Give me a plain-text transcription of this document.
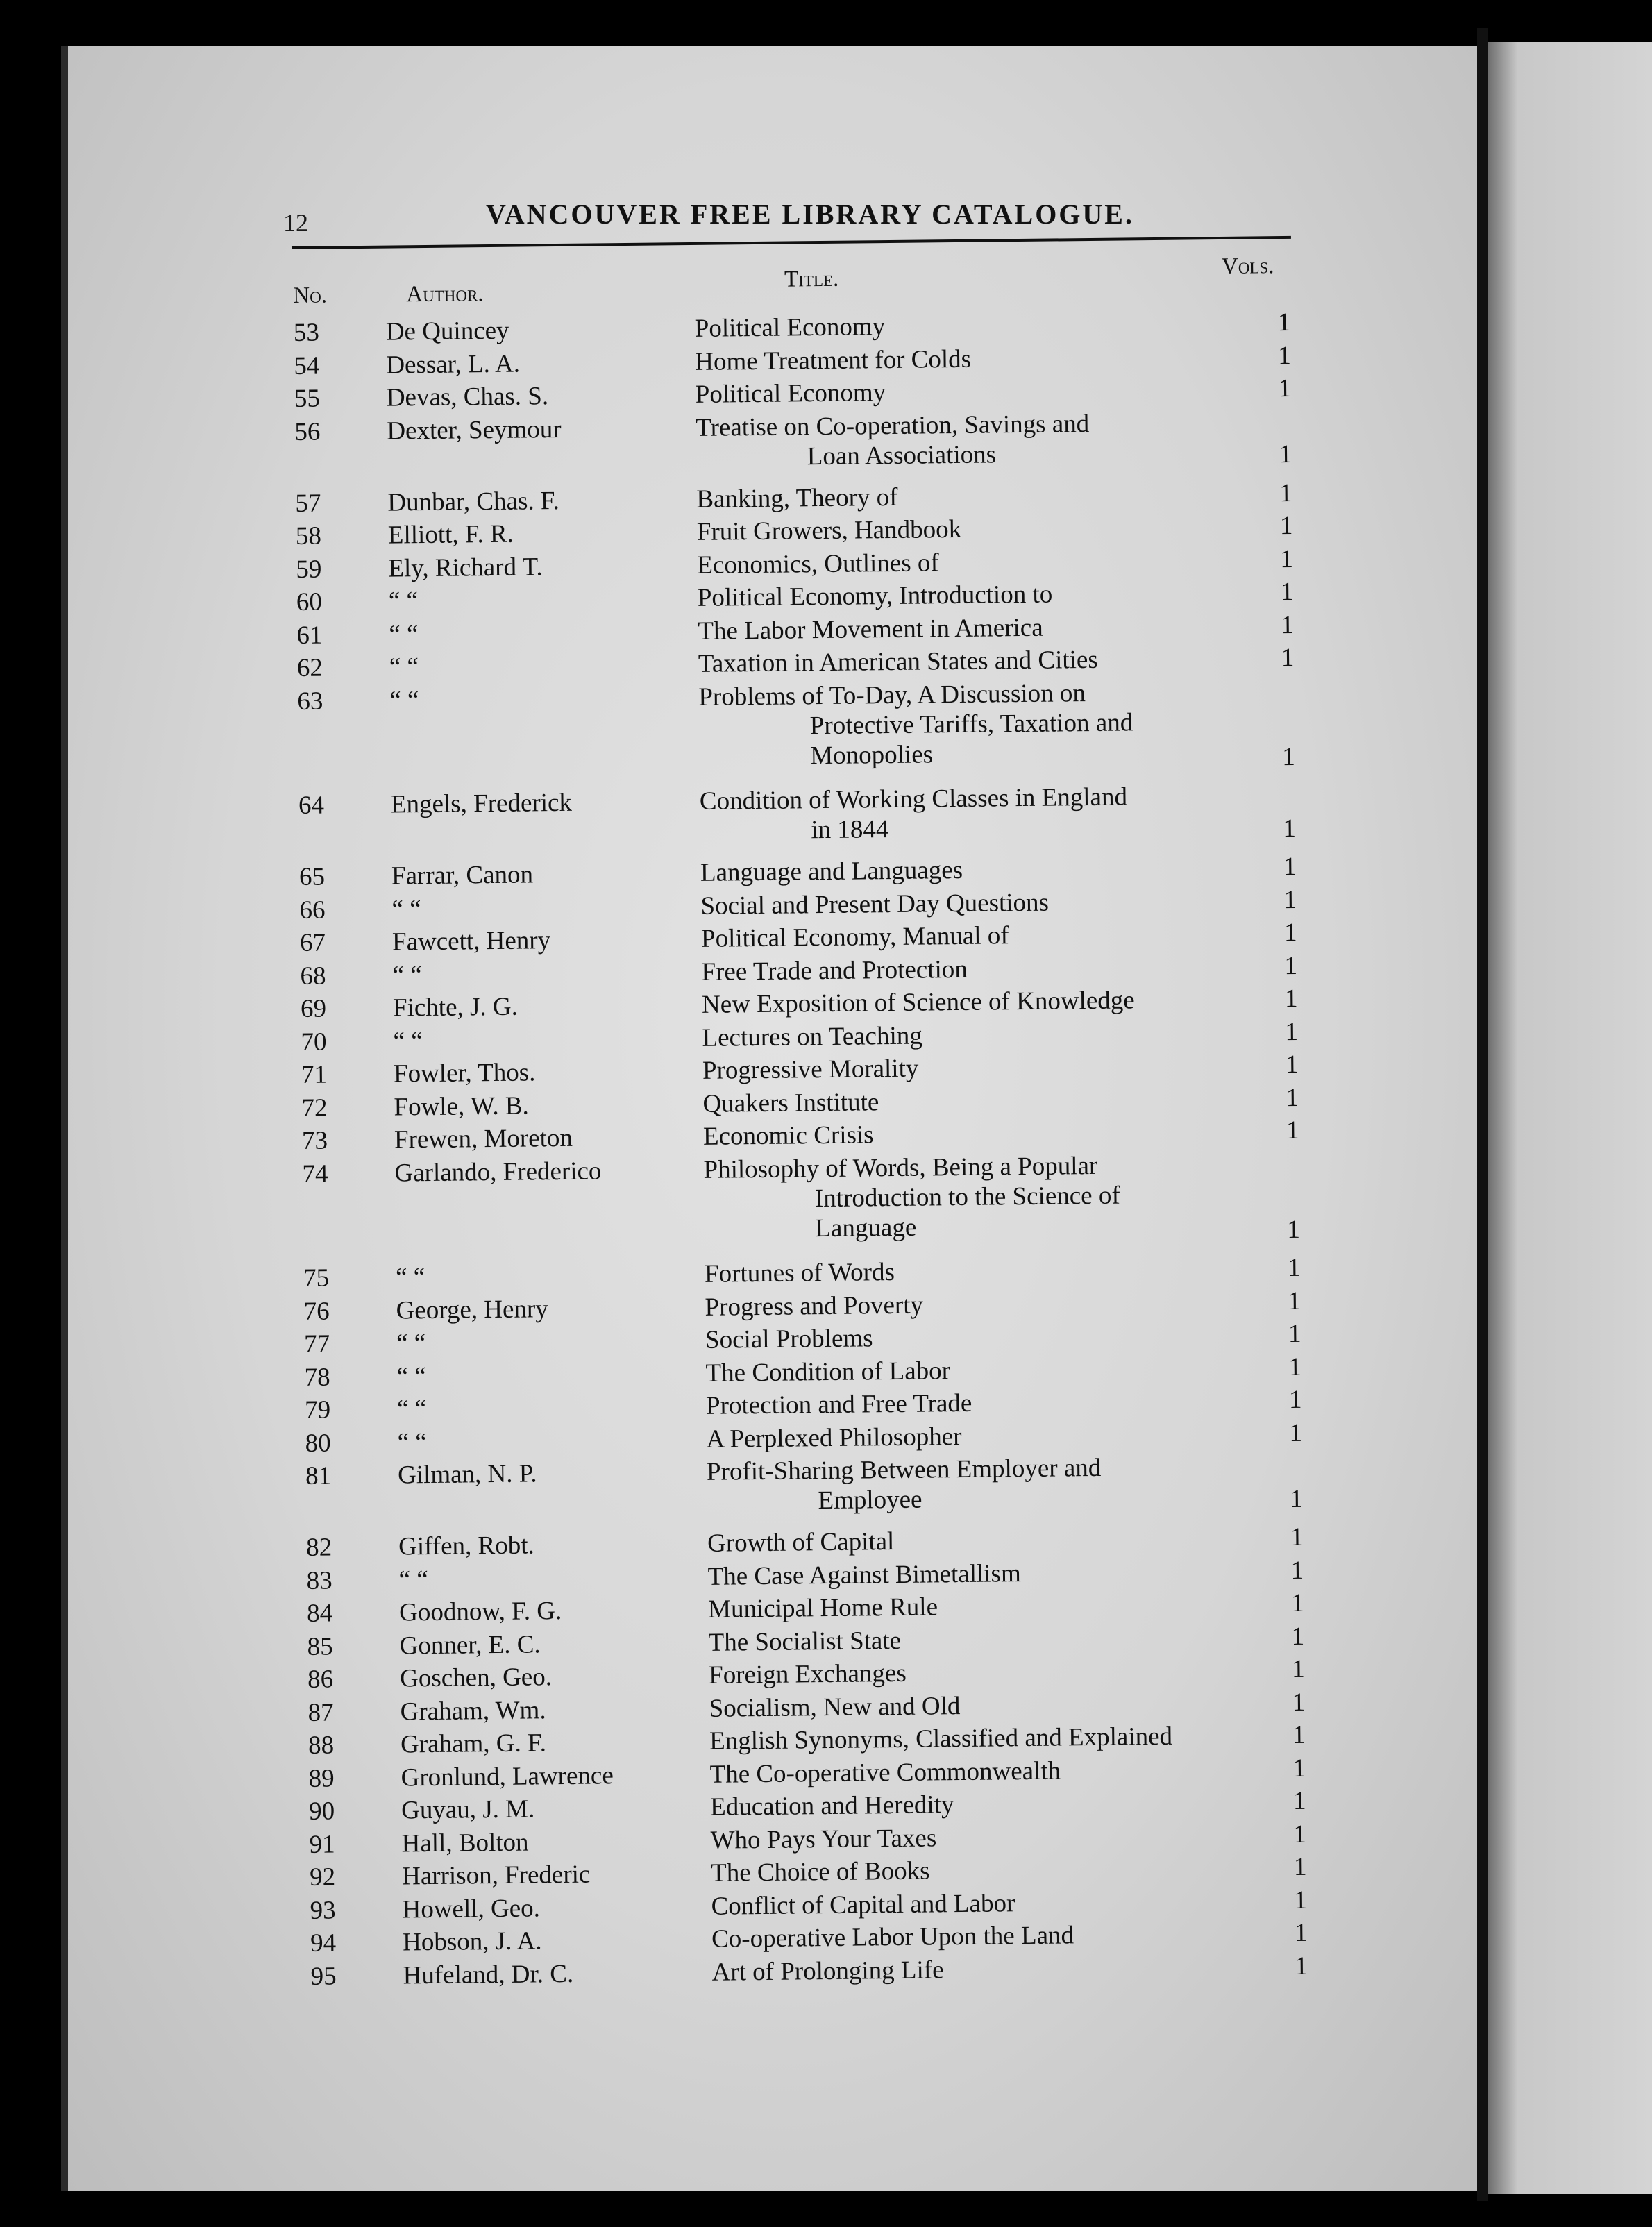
12	VANCOUVER FREE LIBRARY CATALOGUE.
No.	Author.
Title.
Vols.
53	De Quincey	Political Economy	1
54	Dessar, L. A.	Home Treatment for Colds	1
55	Devas, Chas. S.	Political Economy	1
56	Dexter, Seymour	Treatise on Co-operation, Savings and
Loan Associations	1
57	Dunbar, Chas. F.	Banking, Theory of	1
58	Elliott, F. R.	Fruit Growers, Handbook	1
59	Ely, Richard T.	Economics, Outlines of	1
60	“ “	Political Economy, Introduction to	1
61	“ “	The Labor Movement in America	1
62	“ “	Taxation in American States and Cities	1
63	“ “	Problems of To-Day, A Discussion on
Protective Tariffs, Taxation and
Monopolies	1
64	Engels, Frederick	Condition of Working Classes in England
in 1844	1
65	Farrar, Canon	Language and Languages	1
66	“ “	Social and Present Day Questions	1
67	Fawcett, Henry	Political Economy, Manual of	1
68	“ “	Free Trade and Protection	1
69	Fichte, J. G.	New Exposition of Science of Knowledge	1
70	“ “	Lectures on Teaching	1
71	Fowler, Thos.	Progressive Morality	1
72	Fowle, W. B.	Quakers Institute	1
73	Frewen, Moreton	Economic Crisis	1
74	Garlando, Frederico	Philosophy of Words, Being a Popular
Introduction to the Science of
Language	1
75	“ “	Fortunes of Words	1
76	George, Henry	Progress and Poverty	1
77	“ “	Social Problems	1
78	“ “	The Condition of Labor	1
79	“ “	Protection and Free Trade	1
80	“ “	A Perplexed Philosopher	1
81	Gilman, N. P.	Profit-Sharing Between Employer and
Employee	1
82	Giffen, Robt.	Growth of Capital	1
83	“ “	The Case Against Bimetallism	1
84	Goodnow, F. G.	Municipal Home Rule	1
85	Gonner, E. C.	The Socialist State	1
86	Goschen, Geo.	Foreign Exchanges	1
87	Graham, Wm.	Socialism, New and Old	1
88	Graham, G. F.	English Synonyms, Classified and Explained	1
89	Gronlund, Lawrence	The Co-operative Commonwealth	1
90	Guyau, J. M.	Education and Heredity	1
91	Hall, Bolton	Who Pays Your Taxes	1
92	Harrison, Frederic	The Choice of Books	1
93	Howell, Geo.	Conflict of Capital and Labor	1
94	Hobson, J. A.	Co-operative Labor Upon the Land	1
95	Hufeland, Dr. C.	Art of Prolonging Life	1
